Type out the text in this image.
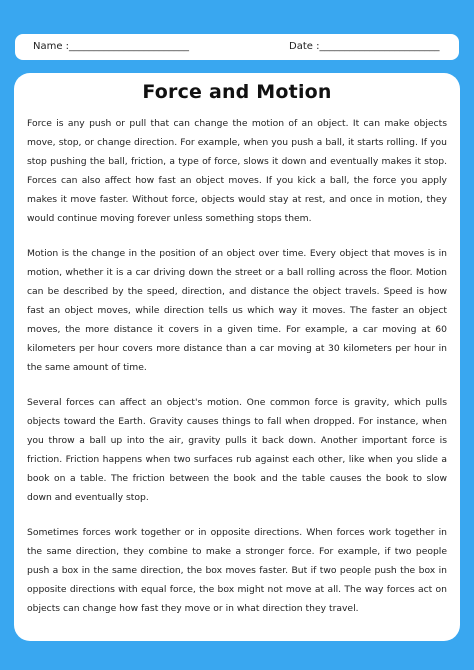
Name :________________________	Date :________________________
Force and Motion

Force is any push or pull that can change the motion of an object. It can make objects move, stop, or change direction. For example, when you push a ball, it starts rolling. If you stop pushing the ball, friction, a type of force, slows it down and eventually makes it stop. Forces can also affect how fast an object moves. If you kick a ball, the force you apply makes it move faster. Without force, objects would stay at rest, and once in motion, they would continue moving forever unless something stops them.

Motion is the change in the position of an object over time. Every object that moves is in motion, whether it is a car driving down the street or a ball rolling across the floor. Motion can be described by the speed, direction, and distance the object travels. Speed is how fast an object moves, while direction tells us which way it moves. The faster an object moves, the more distance it covers in a given time. For example, a car moving at 60 kilometers per hour covers more distance than a car moving at 30 kilometers per hour in the same amount of time.

Several forces can affect an object's motion. One common force is gravity, which pulls objects toward the Earth. Gravity causes things to fall when dropped. For instance, when you throw a ball up into the air, gravity pulls it back down. Another important force is friction. Friction happens when two surfaces rub against each other, like when you slide a book on a table. The friction between the book and the table causes the book to slow down and eventually stop.

Sometimes forces work together or in opposite directions. When forces work together in the same direction, they combine to make a stronger force. For example, if two people push a box in the same direction, the box moves faster. But if two people push the box in opposite directions with equal force, the box might not move at all. The way forces act on objects can change how fast they move or in what direction they travel.
